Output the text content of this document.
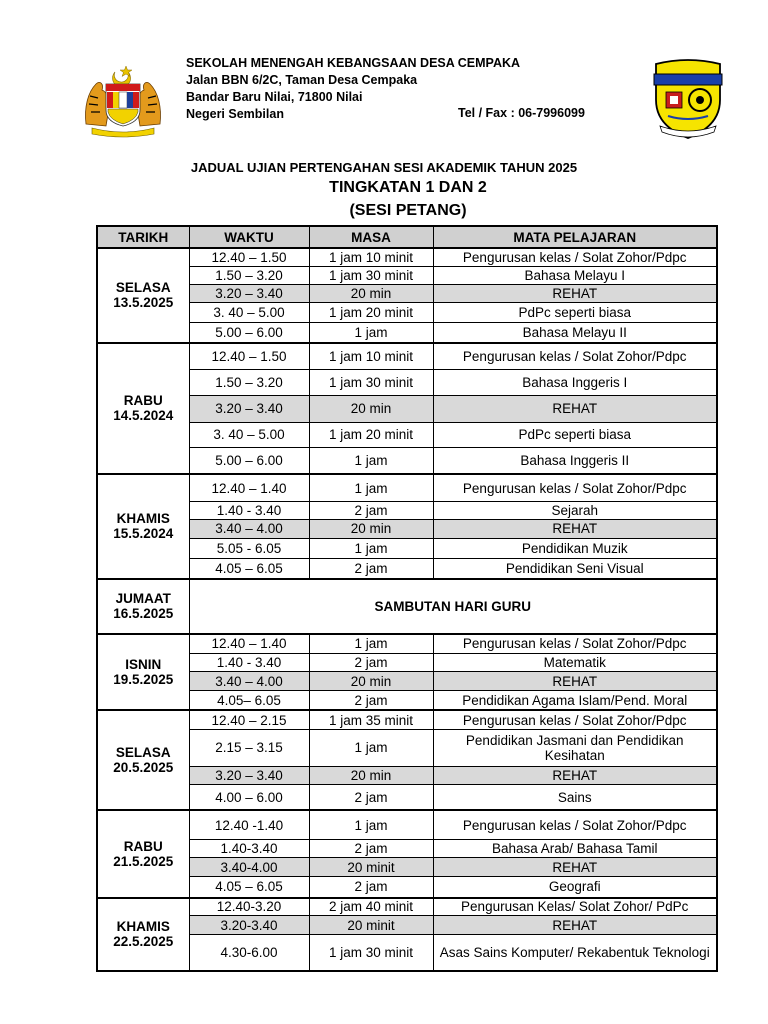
SEKOLAH MENENGAH KEBANGSAAN DESA CEMPAKA
Jalan BBN 6/2C, Taman Desa Cempaka
Bandar Baru Nilai, 71800 Nilai
Negeri Sembilan	Tel / Fax : 06-7996099
JADUAL UJIAN PERTENGAHAN SESI AKADEMIK TAHUN 2025
TINGKATAN 1 DAN 2
(SESI PETANG)
TARIKH	WAKTU	MASA	MATA PELAJARAN

SELASA
13.5.2025	12.40 – 1.50	1 jam 10 minit	Pengurusan kelas / Solat Zohor/Pdpc
	1.50 – 3.20	1 jam 30 minit	Bahasa Melayu I
	3.20 – 3.40	20 min	REHAT
	3. 40 – 5.00	1 jam 20 minit	PdPc seperti biasa
	5.00 – 6.00	1 jam	Bahasa Melayu II

RABU
14.5.2024	12.40 – 1.50	1 jam 10 minit	Pengurusan kelas / Solat Zohor/Pdpc
	1.50 – 3.20	1 jam 30 minit	Bahasa Inggeris I
	3.20 – 3.40	20 min	REHAT
	3. 40 – 5.00	1 jam 20 minit	PdPc seperti biasa
	5.00 – 6.00	1 jam	Bahasa Inggeris II

KHAMIS
15.5.2024	12.40 – 1.40	1 jam	Pengurusan kelas / Solat Zohor/Pdpc
	1.40 - 3.40	2 jam	Sejarah
	3.40 – 4.00	20 min	REHAT
	5.05 - 6.05	1 jam	Pendidikan Muzik
	4.05 – 6.05	2 jam	Pendidikan Seni Visual

JUMAAT
16.5.2025	SAMBUTAN HARI GURU		

ISNIN
19.5.2025	12.40 – 1.40	1 jam	Pengurusan kelas / Solat Zohor/Pdpc
	1.40 - 3.40	2 jam	Matematik
	3.40 – 4.00	20 min	REHAT
	4.05– 6.05	2 jam	Pendidikan Agama Islam/Pend. Moral

SELASA
20.5.2025	12.40 – 2.15	1 jam 35 minit	Pengurusan kelas / Solat Zohor/Pdpc
	2.15 – 3.15	1 jam	Pendidikan Jasmani dan Pendidikan Kesihatan
	3.20 – 3.40	20 min	REHAT
	4.00 – 6.00	2 jam	Sains

RABU
21.5.2025	12.40 -1.40	1 jam	Pengurusan kelas / Solat Zohor/Pdpc
	1.40-3.40	2 jam	Bahasa Arab/ Bahasa Tamil
	3.40-4.00	20 minit	REHAT
	4.05 – 6.05	2 jam	Geografi

KHAMIS
22.5.2025	12.40-3.20	2 jam 40 minit	Pengurusan Kelas/ Solat Zohor/ PdPc
	3.20-3.40	20 minit	REHAT
	4.30-6.00	1 jam 30 minit	Asas Sains Komputer/ Rekabentuk Teknologi
